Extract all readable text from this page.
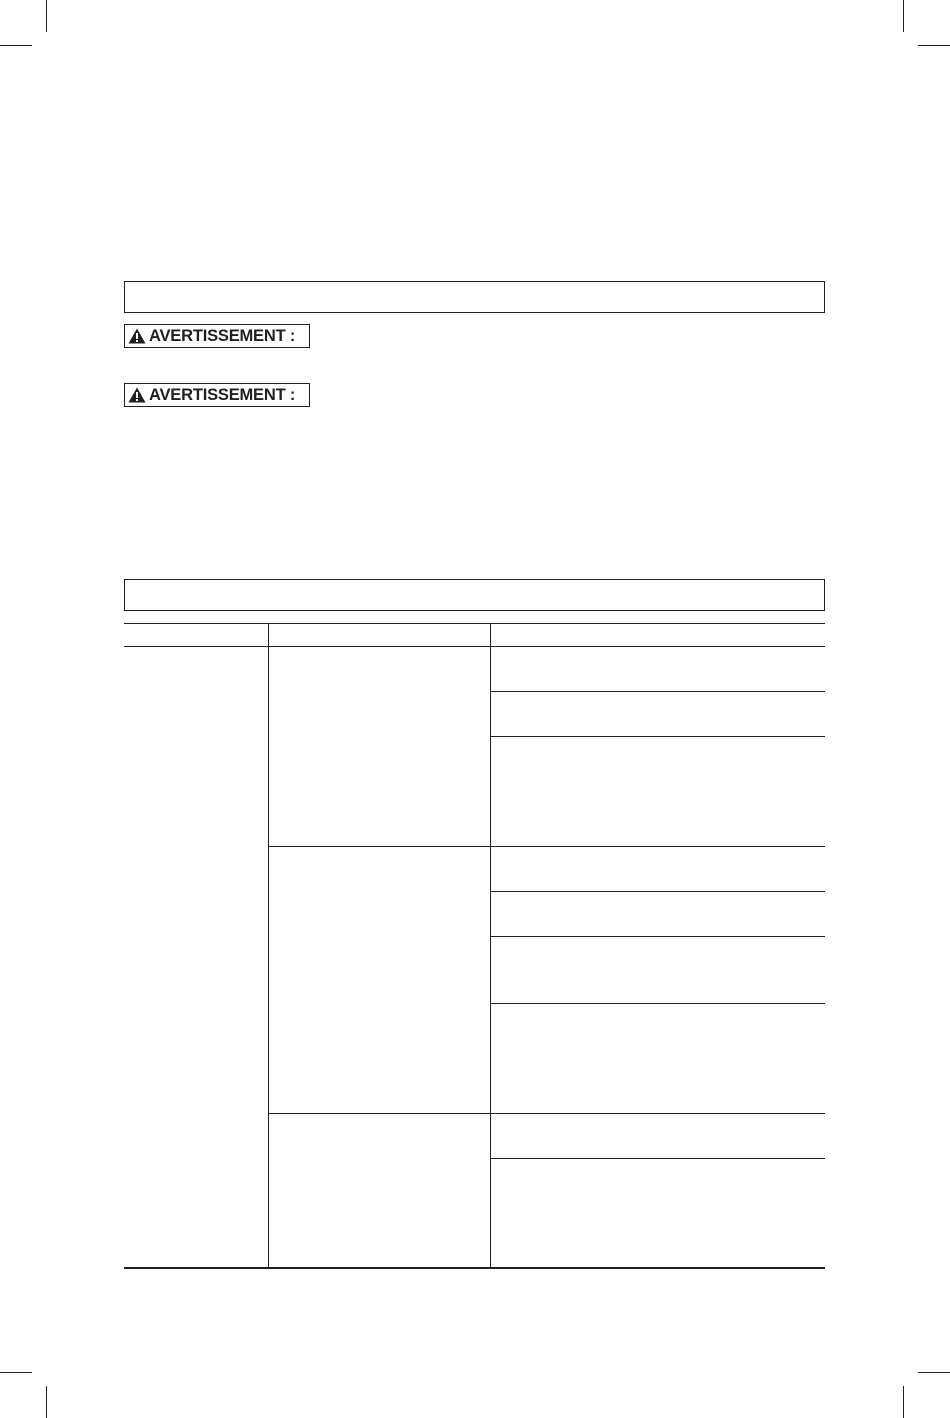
AVERTISSEMENT :
AVERTISSEMENT :
